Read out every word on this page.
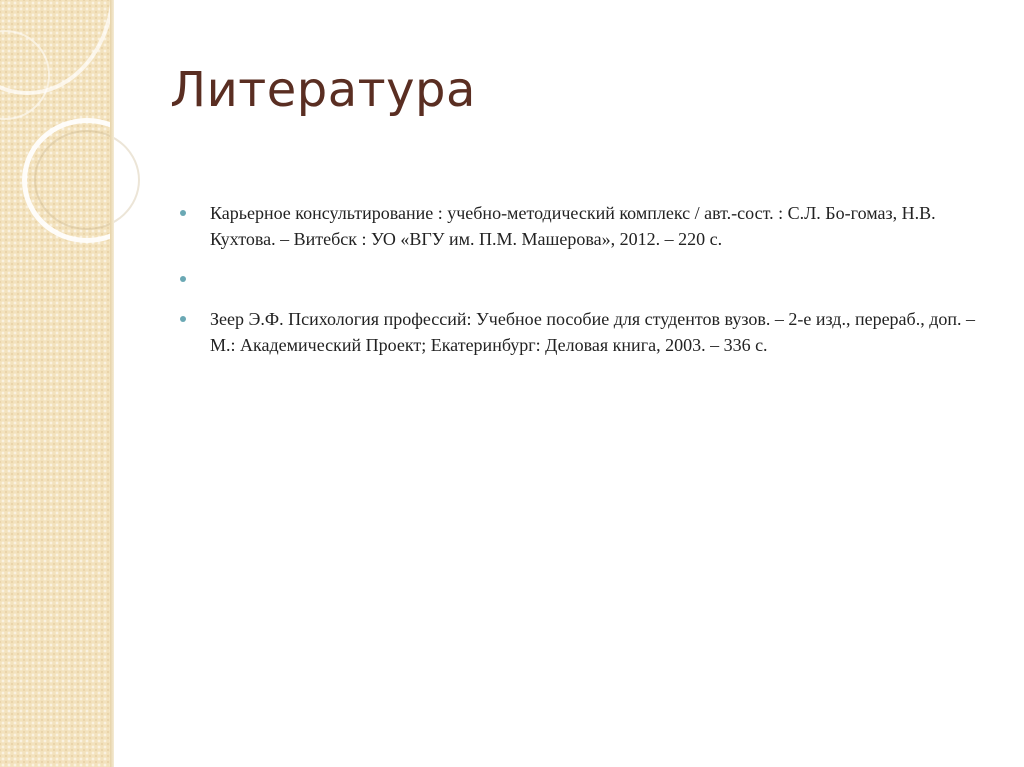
Литература
Карьерное консультирование : учебно-методический комплекс / авт.-сост. : С.Л. Бо-гомаз, Н.В. Кухтова. – Витебск : УО «ВГУ им. П.М. Машерова», 2012. – 220 с.
Зеер Э.Ф. Психология профессий: Учебное пособие для студентов вузов. – 2-е изд., перераб., доп. – М.: Академический Проект; Екатеринбург: Деловая книга, 2003. – 336 с.
